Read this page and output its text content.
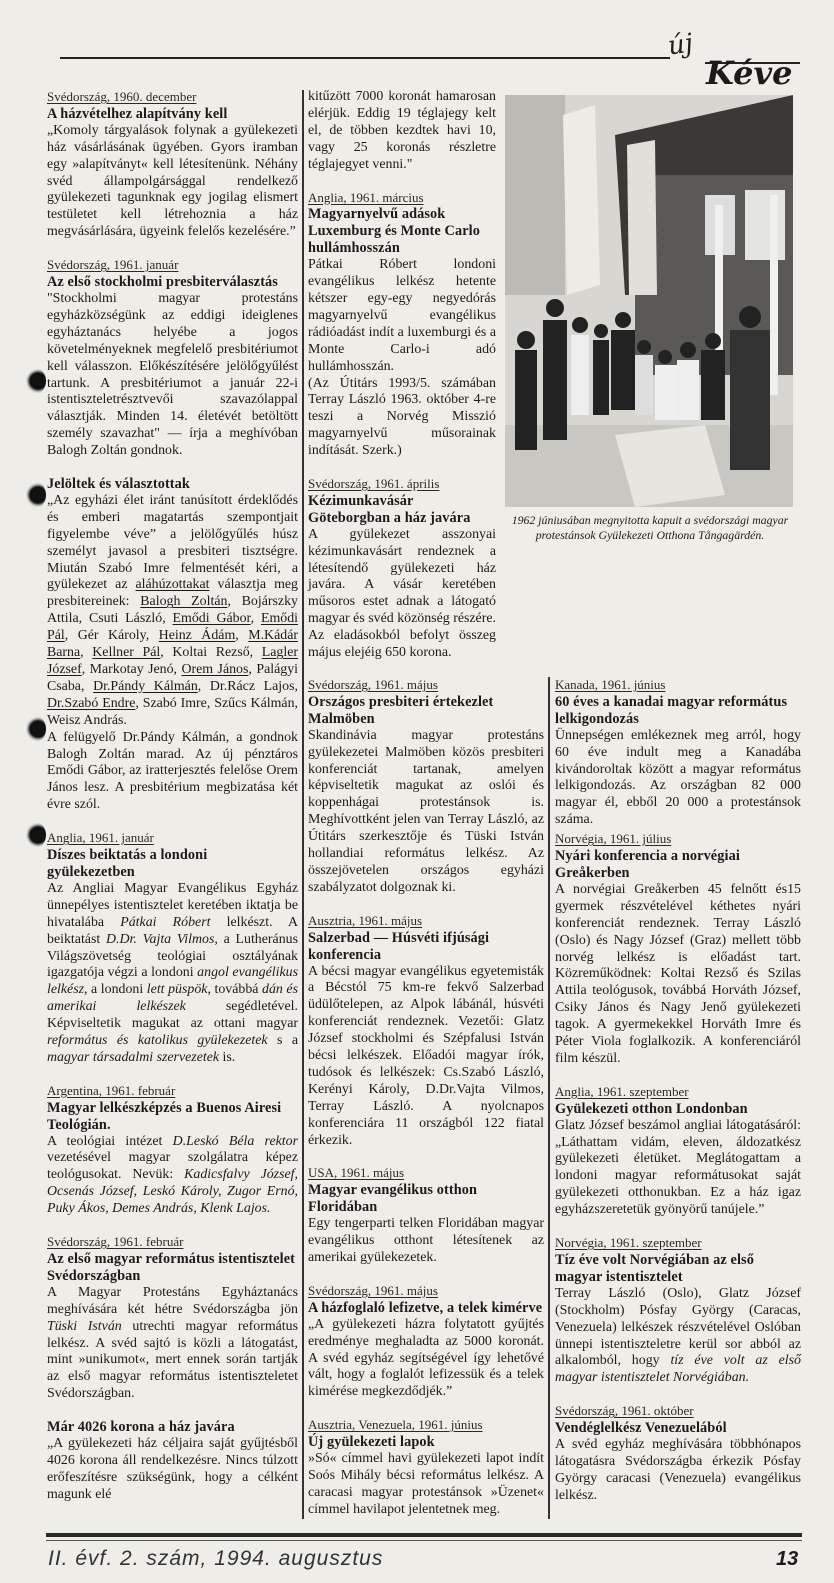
új
Kéve
Svédország, 1960. december
A házvételhez alapítvány kell

„Komoly tárgyalások folynak a gyülekezeti ház vásárlásának ügyében. Gyors iramban egy »alapítványt« kell létesítenünk. Néhány svéd állampolgársággal rendelkező gyülekezeti tagunknak egy jogilag elismert testületet kell létrehoznia a ház megvásárlására, ügyeink felelős kezelésére.”

Svédország, 1961. január
Az első stockholmi presbiterválasztás

"Stockholmi magyar protestáns egyházközségünk az eddigi ideiglenes egyháztanács helyébe a jogos követelményeknek megfelelő presbitériumot kell válasszon. Előkészítésére jelölőgyűlést tartunk. A presbitériumot a január 22-i istentiszteletrésztvevői szavazólappal választják. Minden 14. életévét betöltött személy szavazhat" — írja a meghívóban Balogh Zoltán gondnok.

Jelöltek és választottak

„Az egyházi élet iránt tanúsított érdeklődés és emberi magatartás szempontjait figyelembe véve” a jelölőgyűlés húsz személyt javasol a presbiteri tisztségre. Miután Szabó Imre felmentését kéri, a gyülekezet az aláhúzottakat választja meg presbitereinek: Balogh Zoltán, Bojárszky Attila, Csuti László, Emődi Gábor, Emődi Pál, Gér Károly, Heinz Ádám, M.Kádár Barna, Kellner Pál, Koltai Rezső, Lagler József, Markotay Jenó, Orem János, Palágyi Csaba, Dr.Pándy Kálmán, Dr.Rácz Lajos, Dr.Szabó Endre, Szabó Imre, Szűcs Kálmán, Weisz András.

A felügyelő Dr.Pándy Kálmán, a gondnok Balogh Zoltán marad. Az új pénztáros Emődi Gábor, az iratterjesztés felelőse Orem János lesz. A presbitérium megbizatása két évre szól.

Anglia, 1961. január
Díszes beiktatás a londoni gyülekezetben

Az Angliai Magyar Evangélikus Egyház ünnepélyes istentisztelet keretében iktatja be hivatalába Pátkai Róbert lelkészt. A beiktatást D.Dr. Vajta Vilmos, a Lutheránus Világszövetség teológiai osztályának igazgatója végzi a londoni angol evangélikus lelkész, a londoni lett püspök, továbbá dán és amerikai lelkészek segédletével. Képviseltetik magukat az ottani magyar református és katolikus gyülekezetek s a magyar társadalmi szervezetek is.

Argentina, 1961. február
Magyar lelkészképzés a Buenos Airesi Teológián.

A teológiai intézet D.Leskó Béla rektor vezetésével magyar szolgálatra képez teológusokat. Nevük: Kadicsfalvy József, Ocsenás József, Leskó Károly, Zugor Ernó, Puky Ákos, Demes András, Klenk Lajos.

Svédország, 1961. február
Az első magyar református istentisztelet Svédországban

A Magyar Protestáns Egyháztanács meghívására két hétre Svédországba jön Tüski István utrechti magyar református lelkész. A svéd sajtó is közli a látogatást, mint »unikumot«, mert ennek során tartják az első magyar református istentiszteletet Svédországban.

Már 4026 korona a ház javára

„A gyülekezeti ház céljaira saját gyűjtésből 4026 korona áll rendelkezésre. Nincs túlzott erőfeszítésre szükségünk, hogy a célként magunk elé

kitűzött 7000 koronát hamarosan elérjük. Eddig 19 téglajegy kelt el, de többen kezdtek havi 10, vagy 25 koronás részletre téglajegyet venni."

Anglia, 1961. március
Magyarnyelvű adások Luxemburg és Monte Carlo hullámhosszán

Pátkai Róbert londoni evangélikus lelkész hetente kétszer egy-egy negyedórás magyarnyelvű evangélikus rádióadást indít a luxemburgi és a Monte Carlo-i adó hullámhosszán.

(Az Útitárs 1993/5. számában Terray László 1963. október 4-re teszi a Norvég Misszió magyarnyelvű műsorainak indítását. Szerk.)

Svédország, 1961. április
Kézimunkavásár Göteborgban a ház javára

A gyülekezet asszonyai kézimunkavásárt rendeznek a létesítendő gyülekezeti ház javára. A vásár keretében műsoros estet adnak a látogató magyar és svéd közönség részére. Az eladásokból befolyt összeg május elejéig 650 korona.

Svédország, 1961. május
Országos presbiteri értekezlet Malmöben

Skandinávia magyar protestáns gyülekezetei Malmöben közös presbiteri konferenciát tartanak, amelyen képviseltetik magukat az oslói és koppenhágai protestánsok is. Meghívottként jelen van Terray László, az Útitárs szerkesztője és Tüski István hollandiai református lelkész. Az összejövetelen országos egyházi szabályzatot dolgoznak ki.

Ausztria, 1961. május
Salzerbad — Húsvéti ifjúsági konferencia

A bécsi magyar evangélikus egyetemisták a Bécstól 75 km-re fekvő Salzerbad üdülőtelepen, az Alpok lábánál, húsvéti konferenciát rendeznek. Vezetői: Glatz József stockholmi és Szépfalusi István bécsi lelkészek. Előadói magyar írók, tudósok és lelkészek: Cs.Szabó László, Kerényi Károly, D.Dr.Vajta Vilmos, Terray László. A nyolcnapos konferenciára 11 országból 122 fiatal érkezik.

USA, 1961. május
Magyar evangélikus otthon Floridában

Egy tengerparti telken Floridában magyar evangélikus otthont létesítenek az amerikai gyülekezetek.

Svédország, 1961. május
A házfoglaló lefizetve, a telek kimérve

„A gyülekezeti házra folytatott gyűjtés eredménye meghaladta az 5000 koronát. A svéd egyház segítségével így lehetővé vált, hogy a foglalót lefizessük és a telek kimérése megkezdődjék.”

Ausztria, Venezuela, 1961. június
Új gyülekezeti lapok

»Só« címmel havi gyülekezeti lapot indít Soós Mihály bécsi református lelkész. A caracasi magyar protestánsok »Üzenet« címmel havilapot jelentetnek meg.

Kanada, 1961. június
60 éves a kanadai magyar református lelkigondozás

Ünnepségen emlékeznek meg arról, hogy 60 éve indult meg a Kanadába kivándoroltak között a magyar református lelkigondozás. Az országban 82 000 magyar él, ebből 20 000 a protestánsok száma.

Norvégia, 1961. július
Nyári konferencia a norvégiai Greåkerben

A norvégiai Greåkerben 45 felnőtt és15 gyermek részvételével kéthetes nyári konferenciát rendeznek. Terray László (Oslo) és Nagy József (Graz) mellett több norvég lelkész is előadást tart. Közreműködnek: Koltai Rezső és Szilas Attila teológusok, továbbá Horváth József, Csiky János és Nagy Jenő gyülekezeti tagok. A gyermekekkel Horváth Imre és Péter Viola foglalkozik. A konferenciáról film készül.

Anglia, 1961. szeptember
Gyülekezeti otthon Londonban

Glatz József beszámol angliai látogatásáról: „Láthattam vidám, eleven, áldozatkész gyülekezeti életüket. Meglátogattam a londoni magyar reformátusokat saját gyülekezeti otthonukban. Ez a ház igaz egyházszeretetük gyönyörű tanújele.”

Norvégia, 1961. szeptember
Tíz éve volt Norvégiában az első magyar istentisztelet

Terray László (Oslo), Glatz József (Stockholm) Pósfay György (Caracas, Venezuela) lelkészek részvételével Oslóban ünnepi istentiszteletre kerül sor abból az alkalomból, hogy tíz éve volt az első magyar istentisztelet Norvégiában.

Svédország, 1961. október
Vendéglelkész Venezuelából

A svéd egyház meghívására többhónapos látogatásra Svédországba érkezik Pósfay György caracasi (Venezuela) evangélikus lelkész.

1962 júniusában megnyitotta kapuit a svédországi magyar protestánsok Gyülekezeti Otthona Tångagärdén.
II. évf. 2. szám, 1994. augusztus	13
